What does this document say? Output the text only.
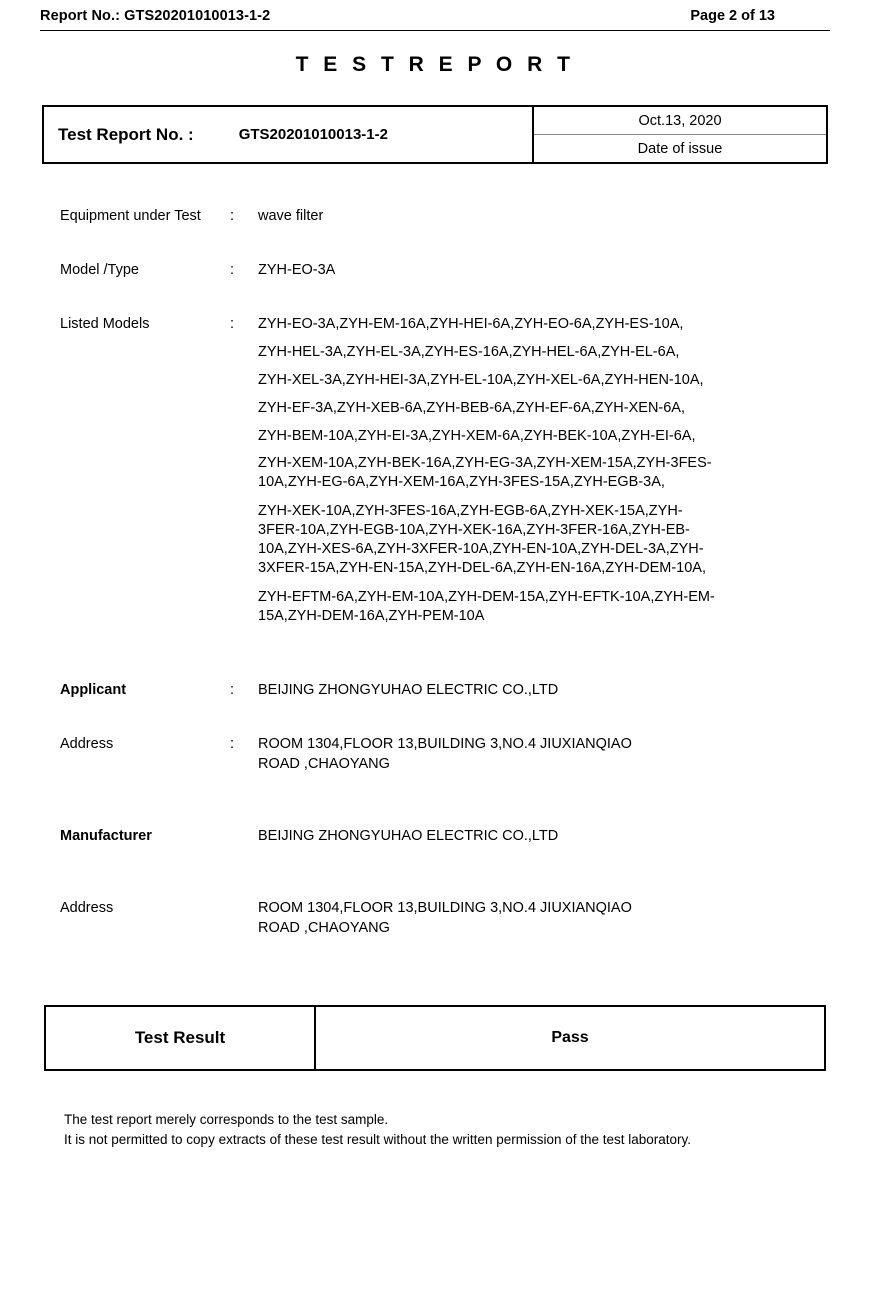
Report No.: GTS20201010013-1-2	Page 2 of 13
T E S T R E P O R T
Test Report No. :	GTS20201010013-1-2
Oct.13, 2020
Date of issue
Equipment under Test	:	wave filter
Model /Type	:	ZYH-EO-3A
Listed Models	:	ZYH-EO-3A,ZYH-EM-16A,ZYH-HEI-6A,ZYH-EO-6A,ZYH-ES-10A,
ZYH-HEL-3A,ZYH-EL-3A,ZYH-ES-16A,ZYH-HEL-6A,ZYH-EL-6A,
ZYH-XEL-3A,ZYH-HEI-3A,ZYH-EL-10A,ZYH-XEL-6A,ZYH-HEN-10A,
ZYH-EF-3A,ZYH-XEB-6A,ZYH-BEB-6A,ZYH-EF-6A,ZYH-XEN-6A,
ZYH-BEM-10A,ZYH-EI-3A,ZYH-XEM-6A,ZYH-BEK-10A,ZYH-EI-6A,
ZYH-XEM-10A,ZYH-BEK-16A,ZYH-EG-3A,ZYH-XEM-15A,ZYH-3FES-
10A,ZYH-EG-6A,ZYH-XEM-16A,ZYH-3FES-15A,ZYH-EGB-3A,
ZYH-XEK-10A,ZYH-3FES-16A,ZYH-EGB-6A,ZYH-XEK-15A,ZYH-
3FER-10A,ZYH-EGB-10A,ZYH-XEK-16A,ZYH-3FER-16A,ZYH-EB-
10A,ZYH-XES-6A,ZYH-3XFER-10A,ZYH-EN-10A,ZYH-DEL-3A,ZYH-
3XFER-15A,ZYH-EN-15A,ZYH-DEL-6A,ZYH-EN-16A,ZYH-DEM-10A,
ZYH-EFTM-6A,ZYH-EM-10A,ZYH-DEM-15A,ZYH-EFTK-10A,ZYH-EM-
15A,ZYH-DEM-16A,ZYH-PEM-10A
Applicant	:	BEIJING ZHONGYUHAO ELECTRIC CO.,LTD
Address	:	ROOM 1304,FLOOR 13,BUILDING 3,NO.4 JIUXIANQIAO
ROAD ,CHAOYANG
Manufacturer	BEIJING ZHONGYUHAO ELECTRIC CO.,LTD
Address	ROOM 1304,FLOOR 13,BUILDING 3,NO.4 JIUXIANQIAO
ROAD ,CHAOYANG
Test Result	Pass

The test report merely corresponds to the test sample.

It is not permitted to copy extracts of these test result without the written permission of the test laboratory.
